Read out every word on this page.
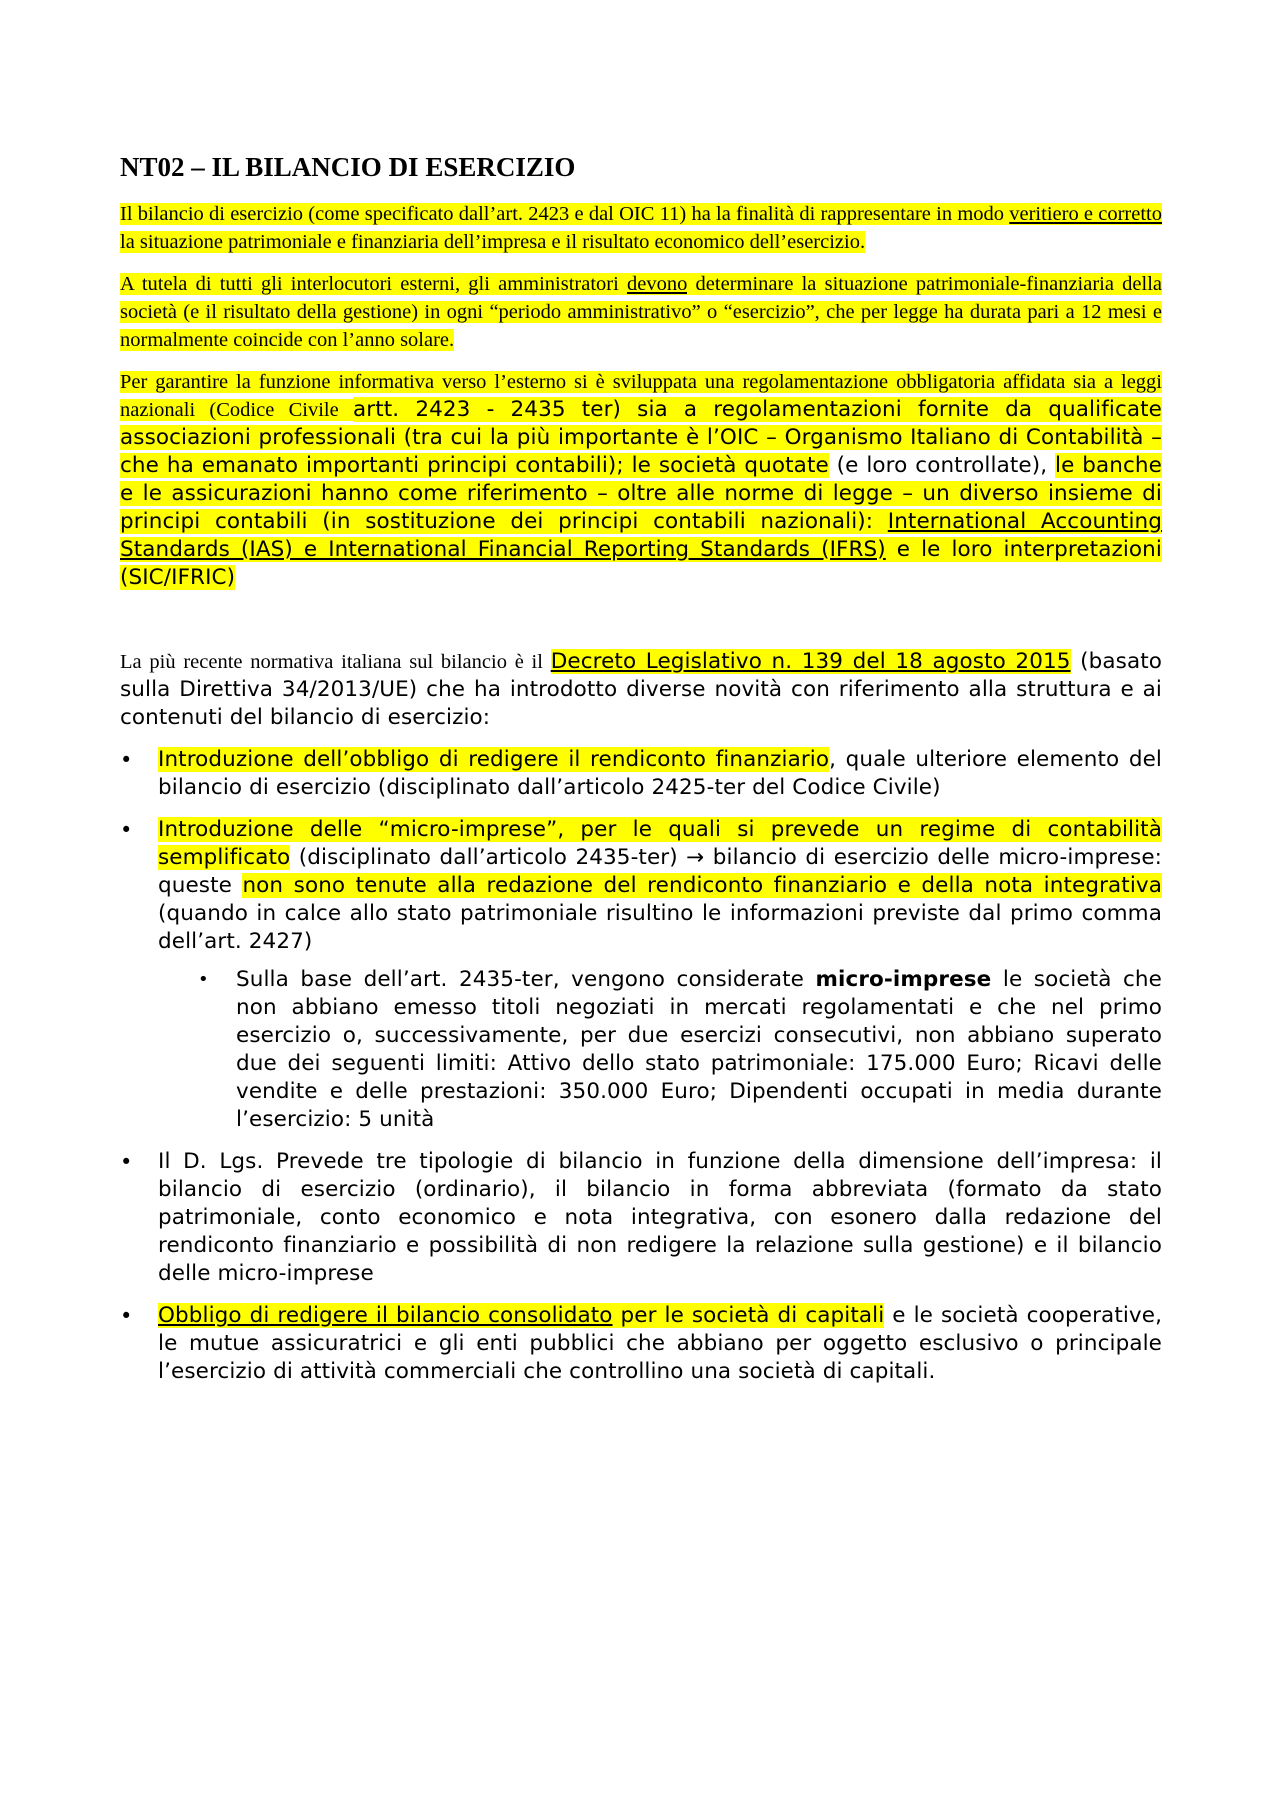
NT02 – IL BILANCIO DI ESERCIZIO

Il bilancio di esercizio (come specificato dall’art. 2423 e dal OIC 11) ha la finalità di rappresentare in modo veritiero e corretto la situazione patrimoniale e finanziaria dell’impresa e il risultato economico dell’esercizio.

A tutela di tutti gli interlocutori esterni, gli amministratori devono determinare la situazione patrimoniale-finanziaria della società (e il risultato della gestione) in ogni “periodo amministrativo” o “esercizio”, che per legge ha durata pari a 12 mesi e normalmente coincide con l’anno solare.

Per garantire la funzione informativa verso l’esterno si è sviluppata una regolamentazione obbligatoria affidata sia a leggi nazionali (Codice Civile artt. 2423 - 2435 ter) sia a regolamentazioni fornite da qualificate associazioni professionali (tra cui la più importante è l’OIC – Organismo Italiano di Contabilità – che ha emanato importanti principi contabili); le società quotate (e loro controllate), le banche e le assicurazioni hanno come riferimento – oltre alle norme di legge – un diverso insieme di principi contabili (in sostituzione dei principi contabili nazionali): International Accounting Standards (IAS) e International Financial Reporting Standards (IFRS) e le loro interpretazioni (SIC/IFRIC)

La più recente normativa italiana sul bilancio è il Decreto Legislativo n. 139 del 18 agosto 2015 (basato sulla Direttiva 34/2013/UE) che ha introdotto diverse novità con riferimento alla struttura e ai contenuti del bilancio di esercizio:

• Introduzione dell’obbligo di redigere il rendiconto finanziario, quale ulteriore elemento del bilancio di esercizio (disciplinato dall’articolo 2425-ter del Codice Civile)
• Introduzione delle “micro-imprese”, per le quali si prevede un regime di contabilità semplificato (disciplinato dall’articolo 2435-ter) → bilancio di esercizio delle micro-imprese: queste non sono tenute alla redazione del rendiconto finanziario e della nota integrativa (quando in calce allo stato patrimoniale risultino le informazioni previste dal primo comma dell’art. 2427)
• Sulla base dell’art. 2435-ter, vengono considerate micro-imprese le società che non abbiano emesso titoli negoziati in mercati regolamentati e che nel primo esercizio o, successivamente, per due esercizi consecutivi, non abbiano superato due dei seguenti limiti: Attivo dello stato patrimoniale: 175.000 Euro; Ricavi delle vendite e delle prestazioni: 350.000 Euro; Dipendenti occupati in media durante l’esercizio: 5 unità
• Il D. Lgs. Prevede tre tipologie di bilancio in funzione della dimensione dell’impresa: il bilancio di esercizio (ordinario), il bilancio in forma abbreviata (formato da stato patrimoniale, conto economico e nota integrativa, con esonero dalla redazione del rendiconto finanziario e possibilità di non redigere la relazione sulla gestione) e il bilancio delle micro-imprese
• Obbligo di redigere il bilancio consolidato per le società di capitali e le società cooperative, le mutue assicuratrici e gli enti pubblici che abbiano per oggetto esclusivo o principale l’esercizio di attività commerciali che controllino una società di capitali.
